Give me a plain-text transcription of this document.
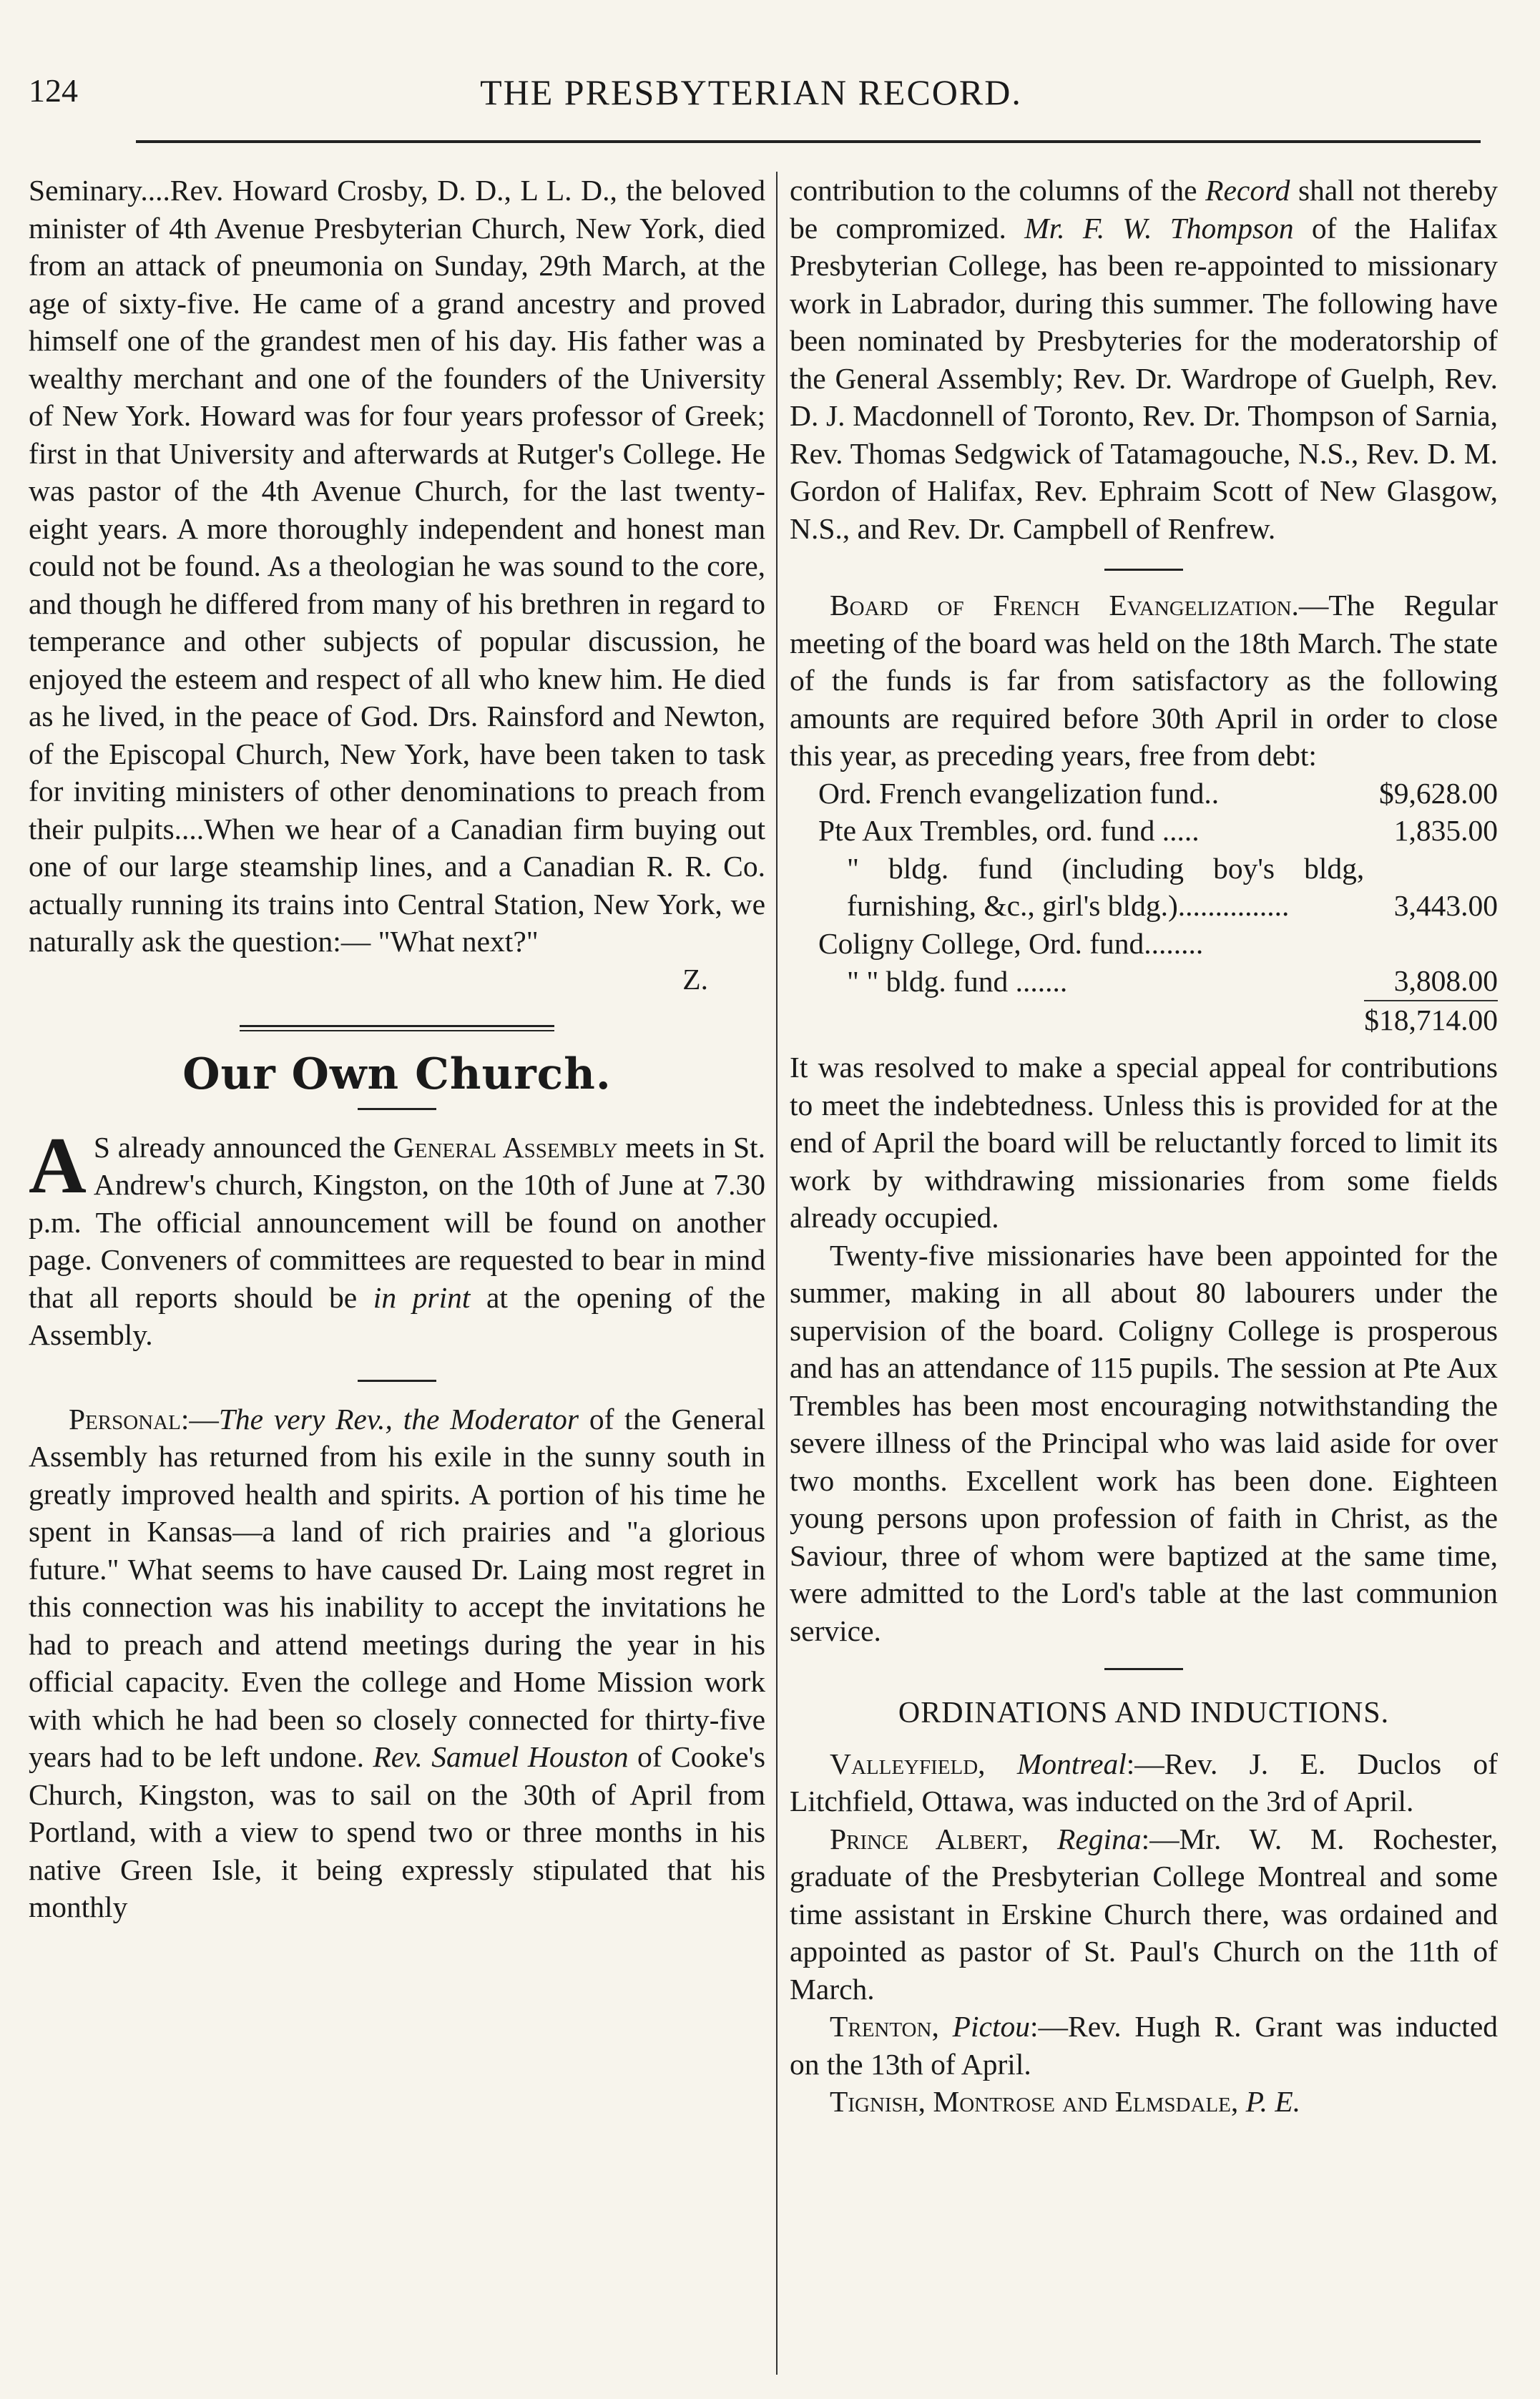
THE PRESBYTERIAN RECORD.
124

Seminary....Rev. Howard Crosby, D. D., L L. D., the beloved minister of 4th Avenue Presbyterian Church, New York, died from an attack of pneumonia on Sunday, 29th March, at the age of sixty-five. He came of a grand ancestry and proved himself one of the grandest men of his day. His father was a wealthy merchant and one of the founders of the University of New York. Howard was for four years professor of Greek; first in that University and afterwards at Rutger's College. He was pastor of the 4th Avenue Church, for the last twenty-eight years. A more thoroughly independent and honest man could not be found. As a theologian he was sound to the core, and though he differed from many of his brethren in regard to temperance and other subjects of popular discussion, he enjoyed the esteem and respect of all who knew him. He died as he lived, in the peace of God. Drs. Rainsford and Newton, of the Episcopal Church, New York, have been taken to task for inviting ministers of other denominations to preach from their pulpits....When we hear of a Canadian firm buying out one of our large steamship lines, and a Canadian R. R. Co. actually running its trains into Central Station, New York, we naturally ask the question:— "What next?"

Z.
Our Own Church.

A S already announced the General Assembly meets in St. Andrew's church, Kingston, on the 10th of June at 7.30 p.m. The official announcement will be found on another page. Conveners of committees are requested to bear in mind that all reports should be in print at the opening of the Assembly.

Personal:—The very Rev., the Moderator of the General Assembly has returned from his exile in the sunny south in greatly improved health and spirits. A portion of his time he spent in Kansas—a land of rich prairies and "a glorious future." What seems to have caused Dr. Laing most regret in this connection was his inability to accept the invitations he had to preach and attend meetings during the year in his official capacity. Even the college and Home Mission work with which he had been so closely connected for thirty-five years had to be left undone. Rev. Samuel Houston of Cooke's Church, Kingston, was to sail on the 30th of April from Portland, with a view to spend two or three months in his native Green Isle, it being expressly stipulated that his monthly

contribution to the columns of the Record shall not thereby be compromized. Mr. F. W. Thompson of the Halifax Presbyterian College, has been re-appointed to missionary work in Labrador, during this summer. The following have been nominated by Presbyteries for the moderatorship of the General Assembly; Rev. Dr. Wardrope of Guelph, Rev. D. J. Macdonnell of Toronto, Rev. Dr. Thompson of Sarnia, Rev. Thomas Sedgwick of Tatamagouche, N.S., Rev. D. M. Gordon of Halifax, Rev. Ephraim Scott of New Glasgow, N.S., and Rev. Dr. Campbell of Renfrew.

Board of French Evangelization.—The Regular meeting of the board was held on the 18th March. The state of the funds is far from satisfactory as the following amounts are required before 30th April in order to close this year, as preceding years, free from debt:

Ord. French evangelization fund..	$9,628.00
Pte Aux Trembles, ord. fund .....	1,835.00
" bldg. fund (including boy's bldg, furnishing, &c., girl's bldg.)...............	3,443.00
Coligny College, Ord. fund........	
" " bldg. fund .......	3,808.00
	$18,714.00

It was resolved to make a special appeal for contributions to meet the indebtedness. Unless this is provided for at the end of April the board will be reluctantly forced to limit its work by withdrawing missionaries from some fields already occupied.

Twenty-five missionaries have been appointed for the summer, making in all about 80 labourers under the supervision of the board. Coligny College is prosperous and has an attendance of 115 pupils. The session at Pte Aux Trembles has been most encouraging notwithstanding the severe illness of the Principal who was laid aside for over two months. Excellent work has been done. Eighteen young persons upon profession of faith in Christ, as the Saviour, three of whom were baptized at the same time, were admitted to the Lord's table at the last communion service.

ORDINATIONS AND INDUCTIONS.

Valleyfield, Montreal:—Rev. J. E. Duclos of Litchfield, Ottawa, was inducted on the 3rd of April.

Prince Albert, Regina:—Mr. W. M. Rochester, graduate of the Presbyterian College Montreal and some time assistant in Erskine Church there, was ordained and appointed as pastor of St. Paul's Church on the 11th of March.

Trenton, Pictou:—Rev. Hugh R. Grant was inducted on the 13th of April.

Tignish, Montrose and Elmsdale, P. E.
